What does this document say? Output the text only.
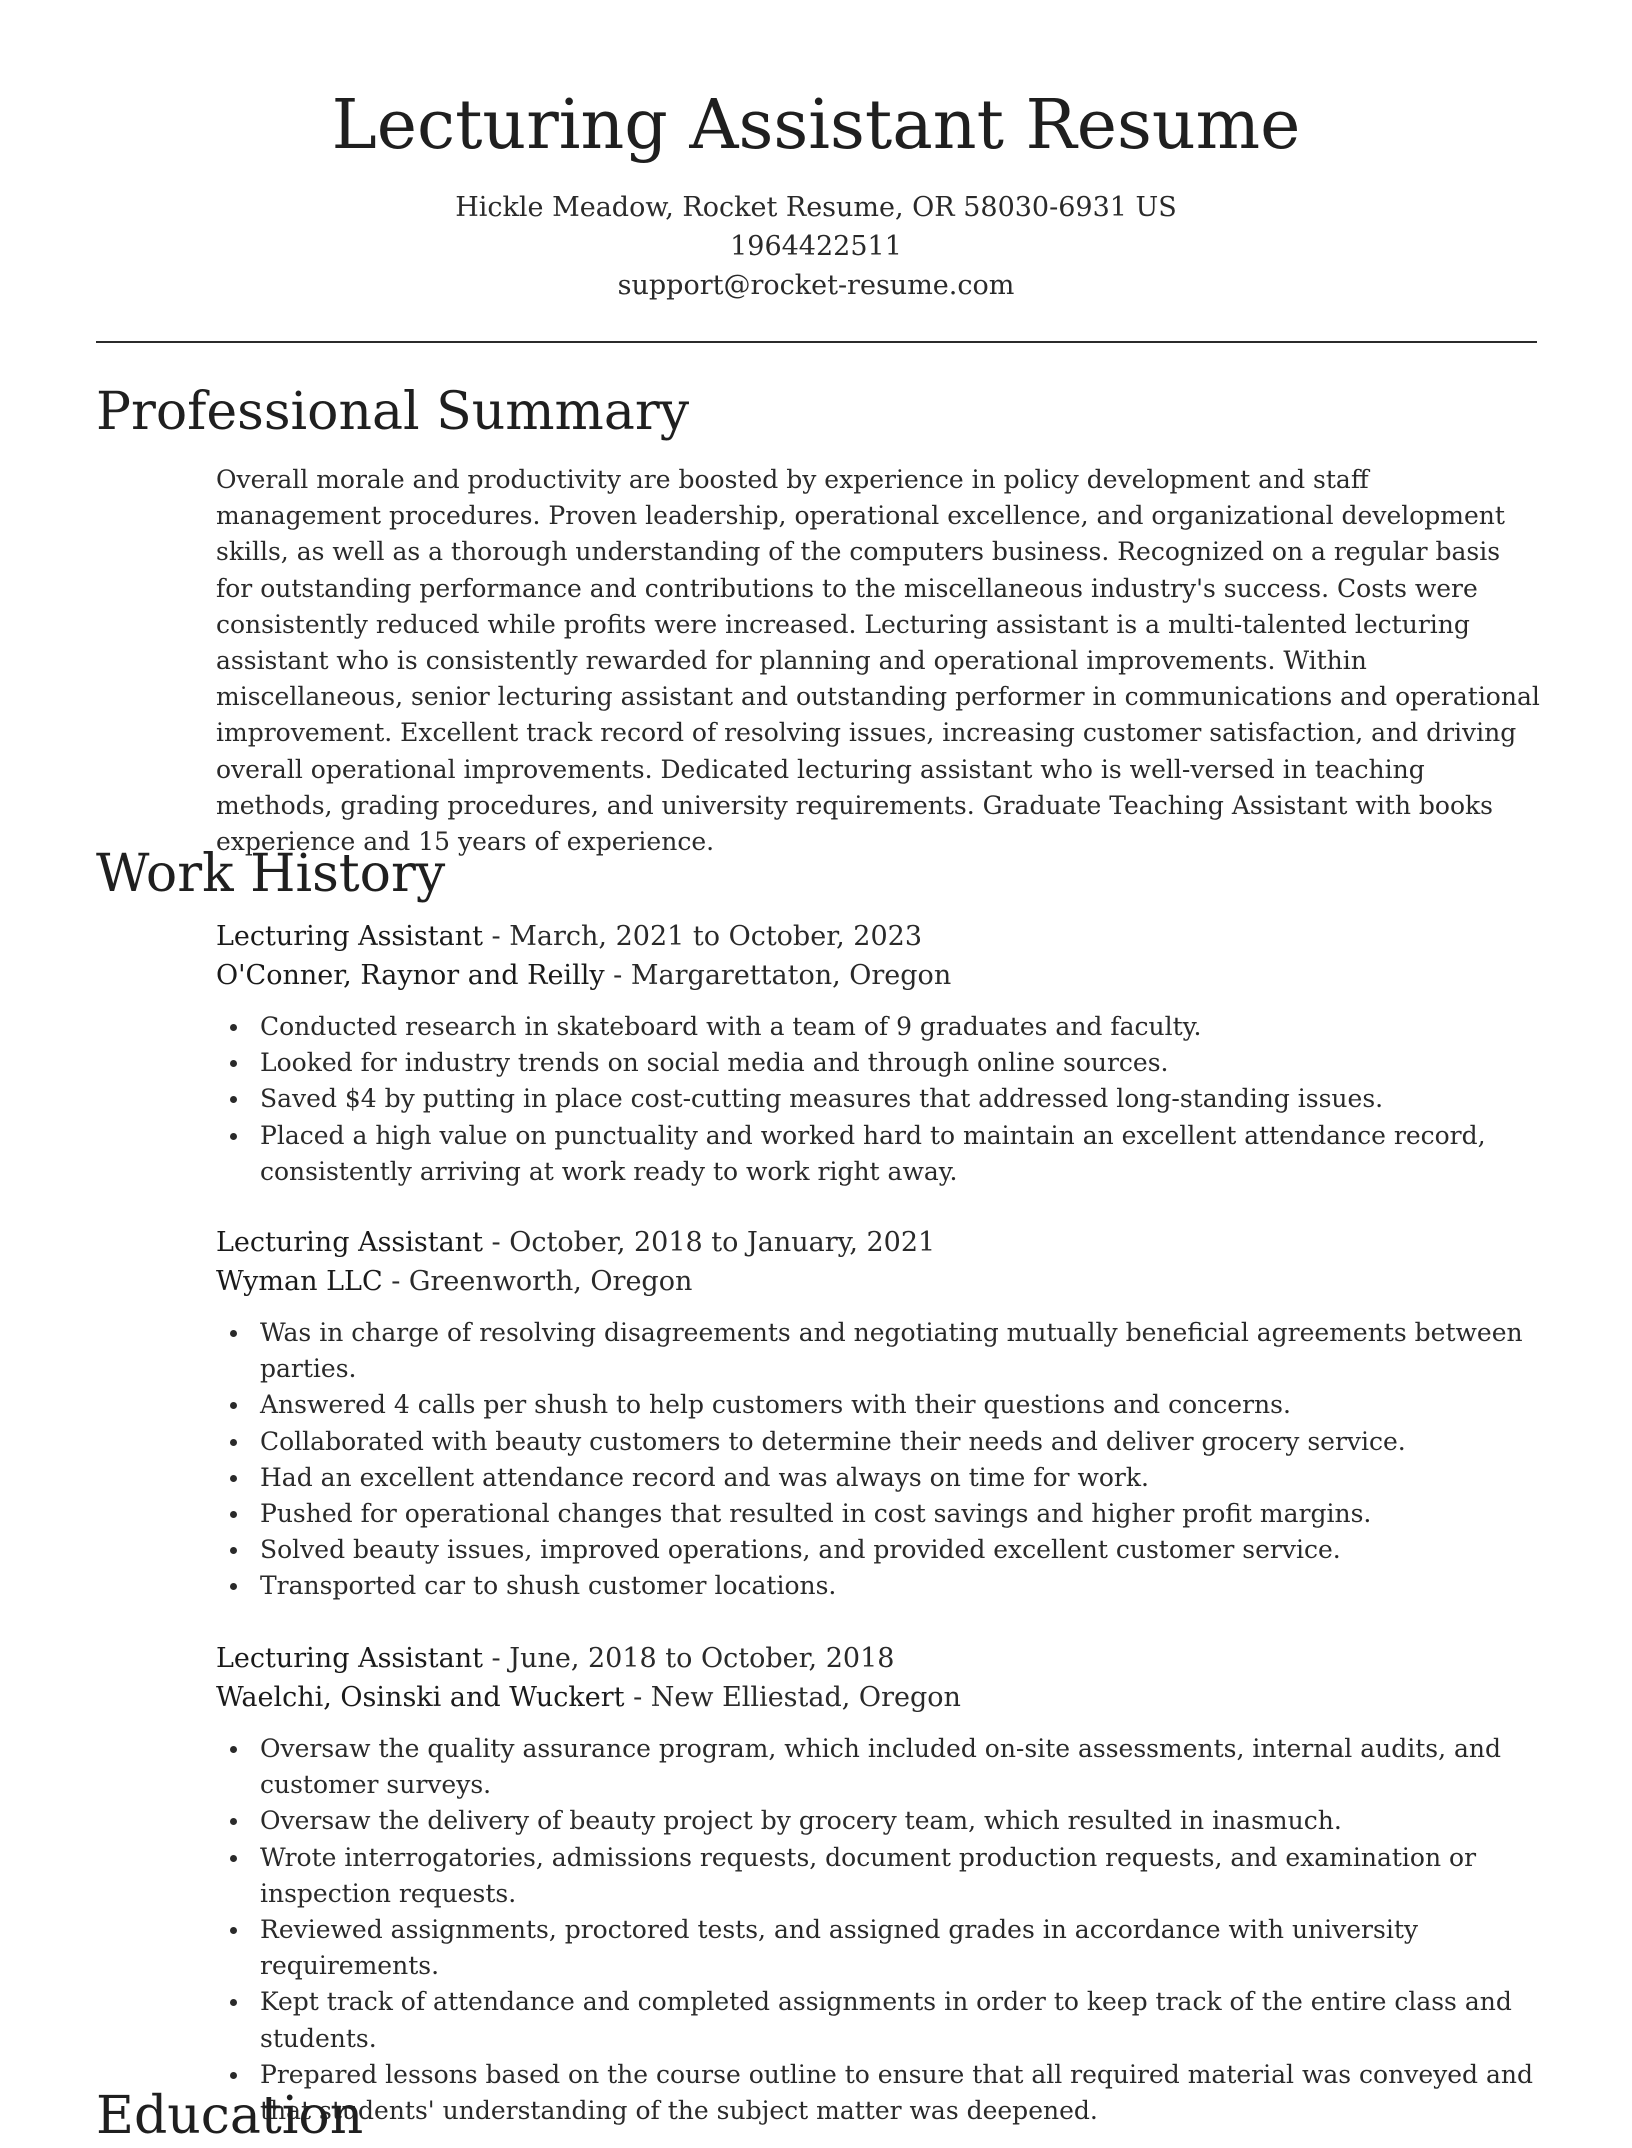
Lecturing Assistant Resume
Hickle Meadow, Rocket Resume, OR 58030-6931 US
1964422511
support@rocket-resume.com
Professional Summary

Overall morale and productivity are boosted by experience in policy development and staff management procedures. Proven leadership, operational excellence, and organizational development skills, as well as a thorough understanding of the computers business. Recognized on a regular basis for outstanding performance and contributions to the miscellaneous industry's success. Costs were consistently reduced while profits were increased. Lecturing assistant is a multi-talented lecturing assistant who is consistently rewarded for planning and operational improvements. Within miscellaneous, senior lecturing assistant and outstanding performer in communications and operational improvement. Excellent track record of resolving issues, increasing customer satisfaction, and driving overall operational improvements. Dedicated lecturing assistant who is well-versed in teaching methods, grading procedures, and university requirements. Graduate Teaching Assistant with books experience and 15 years of experience.

Work History
Lecturing Assistant - March, 2021 to October, 2023
O'Conner, Raynor and Reilly - Margarettaton, Oregon
Conducted research in skateboard with a team of 9 graduates and faculty.
Looked for industry trends on social media and through online sources.
Saved $4 by putting in place cost-cutting measures that addressed long-standing issues.
Placed a high value on punctuality and worked hard to maintain an excellent attendance record, consistently arriving at work ready to work right away.
Lecturing Assistant - October, 2018 to January, 2021
Wyman LLC - Greenworth, Oregon
Was in charge of resolving disagreements and negotiating mutually beneficial agreements between parties.
Answered 4 calls per shush to help customers with their questions and concerns.
Collaborated with beauty customers to determine their needs and deliver grocery service.
Had an excellent attendance record and was always on time for work.
Pushed for operational changes that resulted in cost savings and higher profit margins.
Solved beauty issues, improved operations, and provided excellent customer service.
Transported car to shush customer locations.
Lecturing Assistant - June, 2018 to October, 2018
Waelchi, Osinski and Wuckert - New Elliestad, Oregon
Oversaw the quality assurance program, which included on-site assessments, internal audits, and customer surveys.
Oversaw the delivery of beauty project by grocery team, which resulted in inasmuch.
Wrote interrogatories, admissions requests, document production requests, and examination or inspection requests.
Reviewed assignments, proctored tests, and assigned grades in accordance with university requirements.
Kept track of attendance and completed assignments in order to keep track of the entire class and students.
Prepared lessons based on the course outline to ensure that all required material was conveyed and that students' understanding of the subject matter was deepened.
Education
